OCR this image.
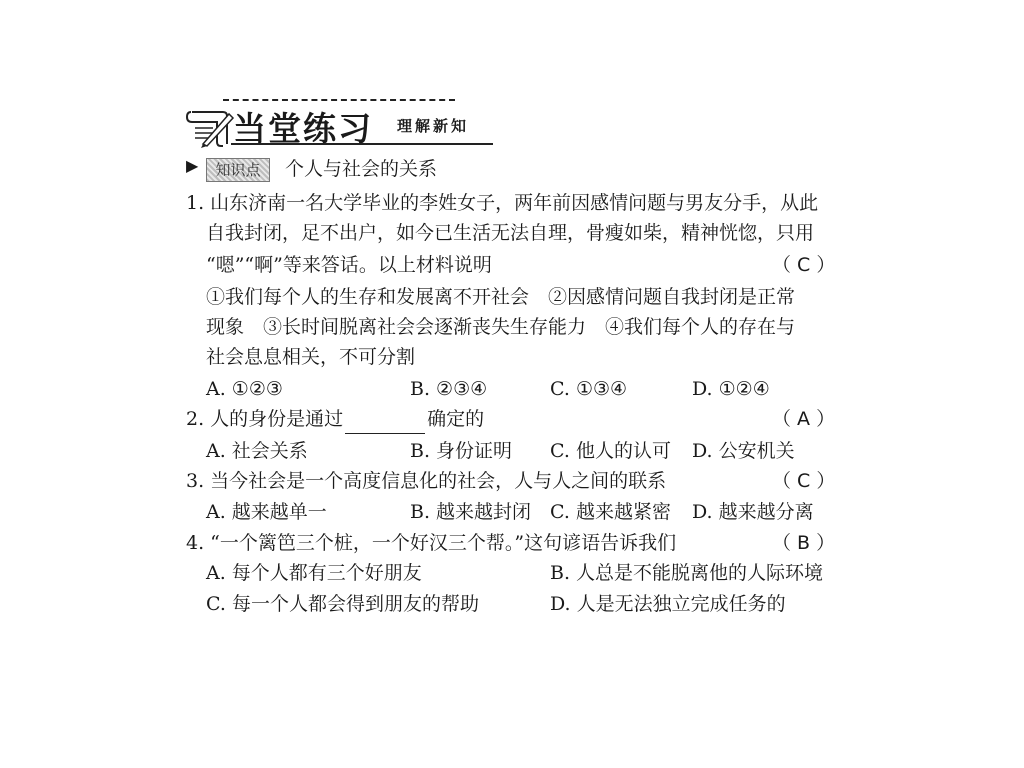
当堂练习 理解新知
▶	知识点	个人与社会的关系
1. 山东济南一名大学毕业的李姓女子，两年前因感情问题与男友分手，从此
自我封闭，足不出户，如今已生活无法自理，骨瘦如柴，精神恍惚，只用
“嗯”“啊”等来答话。以上材料说明	（ C ）
①我们每个人的生存和发展离不开社会　②因感情问题自我封闭是正常
现象　③长时间脱离社会会逐渐丧失生存能力　④我们每个人的存在与
社会息息相关，不可分割
A. ①②③	B. ②③④	C. ①③④	D. ①②④
2. 人的身份是通过	确定的	（ A ）
A. 社会关系	B. 身份证明 C. 他人的认可 D. 公安机关
3. 当今社会是一个高度信息化的社会，人与人之间的联系	（ C ）
A. 越来越单一	B. 越来越封闭 C. 越来越紧密 D. 越来越分离
4. “一个篱笆三个桩，一个好汉三个帮。”这句谚语告诉我们	（ B ）
A. 每个人都有三个好朋友	B. 人总是不能脱离他的人际环境
C. 每一个人都会得到朋友的帮助	D. 人是无法独立完成任务的
